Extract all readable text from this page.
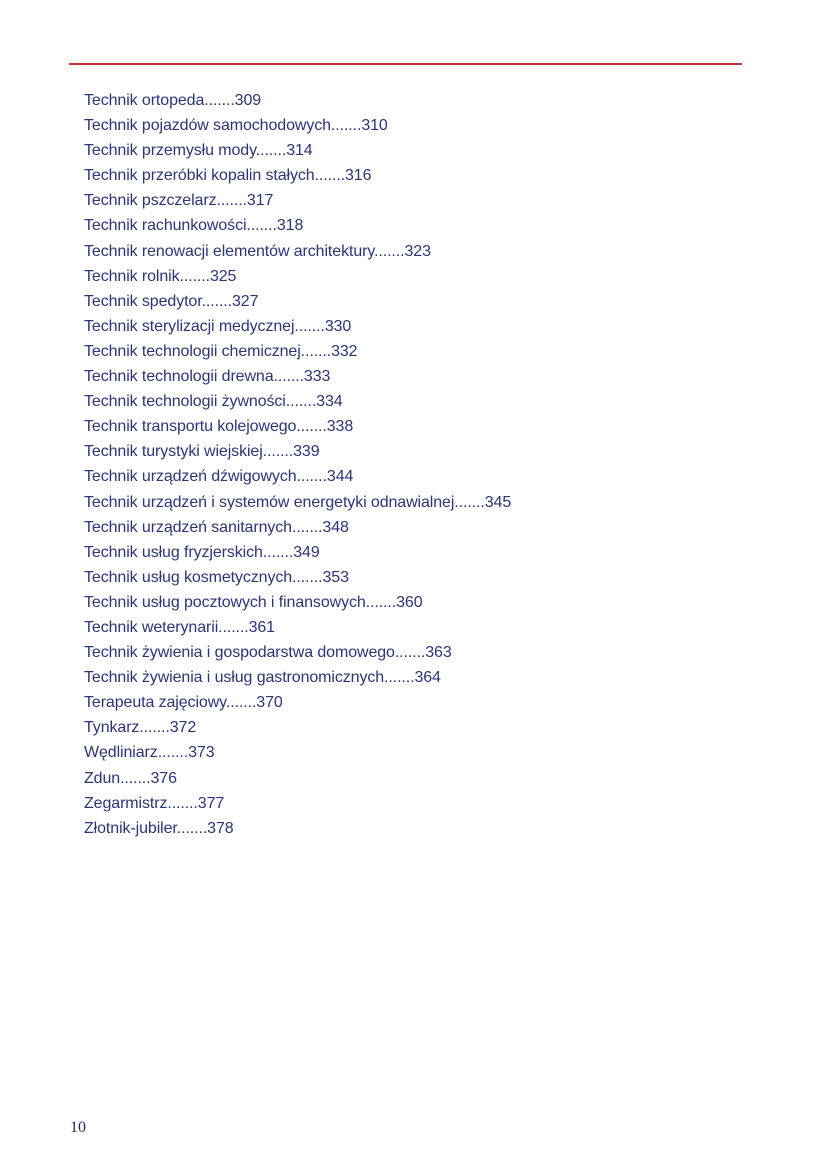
Technik ortopeda.......309
Technik pojazdów samochodowych.......310
Technik przemysłu mody.......314
Technik przeróbki kopalin stałych.......316
Technik pszczelarz.......317
Technik rachunkowości.......318
Technik renowacji elementów architektury.......323
Technik rolnik.......325
Technik spedytor.......327
Technik sterylizacji medycznej.......330
Technik technologii chemicznej.......332
Technik technologii drewna.......333
Technik technologii żywności.......334
Technik transportu kolejowego.......338
Technik turystyki wiejskiej.......339
Technik urządzeń dźwigowych.......344
Technik urządzeń i systemów energetyki odnawialnej.......345
Technik urządzeń sanitarnych.......348
Technik usług fryzjerskich.......349
Technik usług kosmetycznych.......353
Technik usług pocztowych i finansowych.......360
Technik weterynarii.......361
Technik żywienia i gospodarstwa domowego.......363
Technik żywienia i usług gastronomicznych.......364
Terapeuta zajęciowy.......370
Tynkarz.......372
Wędliniarz.......373
Zdun.......376
Zegarmistrz.......377
Złotnik-jubiler.......378
10
